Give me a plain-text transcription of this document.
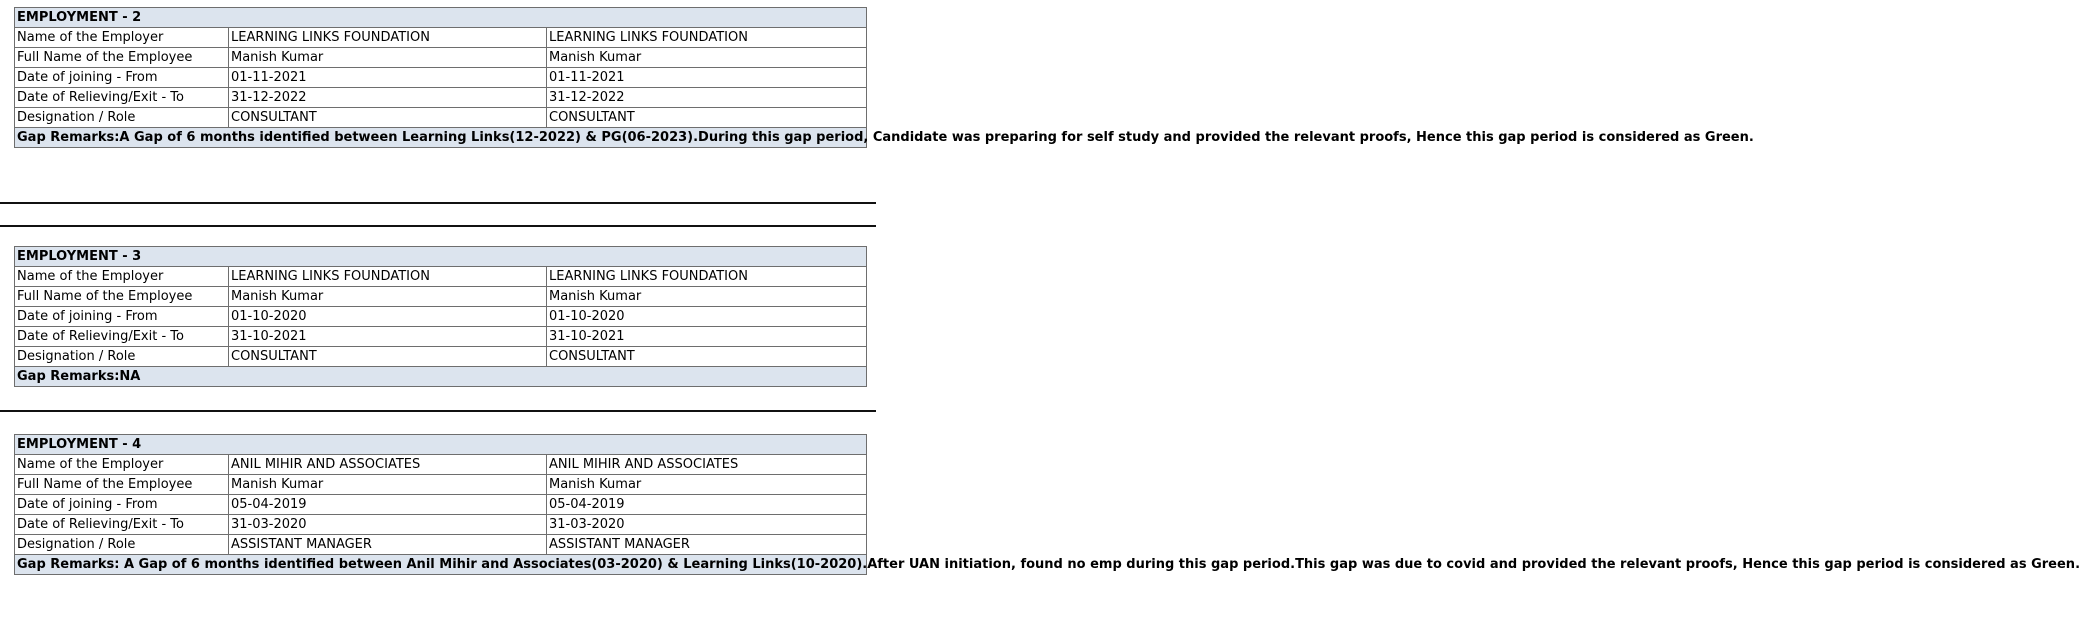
EMPLOYMENT - 2		
Name of the Employer	LEARNING LINKS FOUNDATION	LEARNING LINKS FOUNDATION
Full Name of the Employee	Manish Kumar	Manish Kumar
Date of joining - From	01-11-2021	01-11-2021
Date of Relieving/Exit - To	31-12-2022	31-12-2022
Designation / Role	CONSULTANT	CONSULTANT
Gap Remarks:A Gap of 6 months identified between Learning Links(12-2022) & PG(06-2023).During this gap period, Candidate was preparing for self study and provided the relevant proofs, Hence this gap period is considered as Green.		
EMPLOYMENT - 3		
Name of the Employer	LEARNING LINKS FOUNDATION	LEARNING LINKS FOUNDATION
Full Name of the Employee	Manish Kumar	Manish Kumar
Date of joining - From	01-10-2020	01-10-2020
Date of Relieving/Exit - To	31-10-2021	31-10-2021
Designation / Role	CONSULTANT	CONSULTANT
Gap Remarks:NA		
EMPLOYMENT - 4		
Name of the Employer	ANIL MIHIR AND ASSOCIATES	ANIL MIHIR AND ASSOCIATES
Full Name of the Employee	Manish Kumar	Manish Kumar
Date of joining - From	05-04-2019	05-04-2019
Date of Relieving/Exit - To	31-03-2020	31-03-2020
Designation / Role	ASSISTANT MANAGER	ASSISTANT MANAGER
Gap Remarks: A Gap of 6 months identified between Anil Mihir and Associates(03-2020) & Learning Links(10-2020).After UAN initiation, found no emp during this gap period.This gap was due to covid and provided the relevant proofs, Hence this gap period is considered as Green.		
